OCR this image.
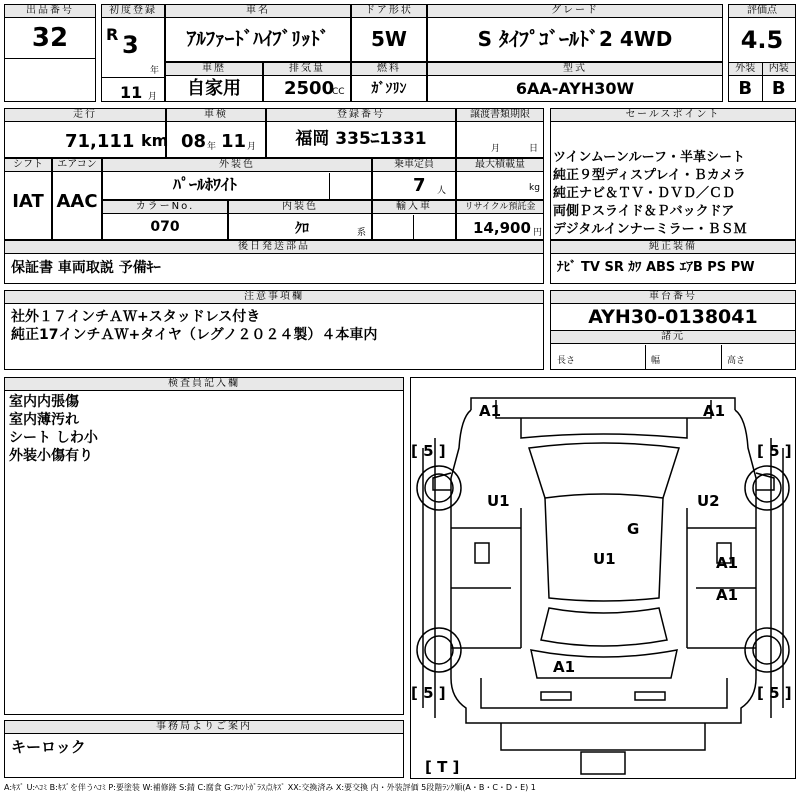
出品番号
32
初度登録
R 3
年
11 月
車名
ｱﾙﾌｧｰﾄﾞﾊｲﾌﾞﾘｯﾄﾞ
ドア形状
5W
グレード
S ﾀｲﾌﾟｺﾞｰﾙﾄﾞ2 4WD
評価点
4.5
外装	内装
B	B
車歴
自家用
排気量
2500
CC
燃料
ｶﾞｿﾘﾝ
型式
6AA-AYH30W
走行
71,111 km
車検
08 年 11 月
登録番号
福岡 335ﾆ1331
譲渡書類期限
月	日
セールスポイント
ツインムーンルーフ・半革シート
純正９型ディスプレイ・Ｂカメラ
純正ナビ＆ＴＶ・ＤＶＤ／ＣＤ
両側Ｐスライド＆Ｐバックドア
デジタルインナーミラー・ＢＳＭ
シフト
IAT
エアコン
AAC
外装色
ﾊﾟｰﾙﾎﾜｲﾄ
乗車定員
7 人
最大積載量
kg
カラーNo.
070
内装色
ｸﾛ	系
輸入車	リサイクル預託金
14,900 円
後日発送部品
保証書 車両取説 予備ｷｰ
純正装備
ﾅﾋﾞ TV SR ｶﾜ ABS ｴｱB PS PW
注意事項欄
社外１７インチＡＷ+スタッドレス付き
純正17インチＡＷ+タイヤ（レグノ２０２４製）４本車内
車台番号
AYH30-0138041
諸元
長さ	幅	高さ
検査員記入欄
室内内張傷
室内薄汚れ
シート しわ小
外装小傷有り
A1	A1
[ 5 ]	[ 5 ]
U1	U2
G
U1	A1
A1
A1
[ 5 ]	[ 5 ]
[ T ]
事務局よりご案内
キーロック
A:ｷｽﾞ U:ﾍｺﾐ B:ｷｽﾞを伴うﾍｺﾐ P:要塗装 W:補修跡 S:錆 C:腐食 G:ﾌﾛﾝﾄｶﾞﾗｽ点ｷｽﾞ XX:交換済み X:要交換 内・外装評価 5段階ﾗﾝｸ順(A・B・C・D・E) 1
